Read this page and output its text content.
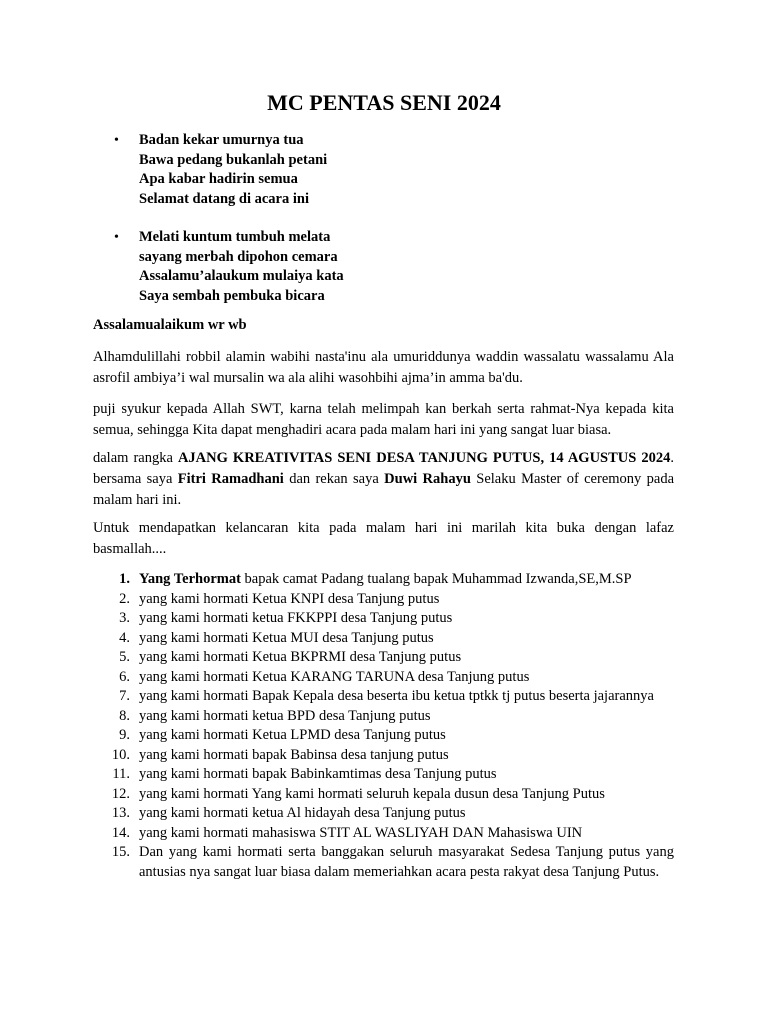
MC PENTAS SENI 2024
• Badan kekar umurnya tua
Bawa pedang bukanlah petani
Apa kabar hadirin semua
Selamat datang di acara ini
• Melati kuntum tumbuh melata
sayang merbah dipohon cemara
Assalamu’alaukum mulaiya kata
Saya sembah pembuka bicara
Assalamualaikum wr wb

Alhamdulillahi robbil alamin wabihi nasta'inu ala umuriddunya waddin wassalatu wassalamu Ala asrofil ambiya’i wal mursalin wa ala alihi wasohbihi ajma’in amma ba'du.

puji syukur kepada Allah SWT, karna telah melimpah kan berkah serta rahmat-Nya kepada kita semua, sehingga Kita dapat menghadiri acara pada malam hari ini yang sangat luar biasa.

dalam rangka AJANG KREATIVITAS SENI DESA TANJUNG PUTUS, 14 AGUSTUS 2024. bersama saya Fitri Ramadhani dan rekan saya Duwi Rahayu Selaku Master of ceremony pada malam hari ini.

Untuk mendapatkan kelancaran kita pada malam hari ini marilah kita buka dengan lafaz basmallah....

1. Yang Terhormat bapak camat Padang tualang bapak Muhammad Izwanda,SE,M.SP
2. yang kami hormati Ketua KNPI desa Tanjung putus
3. yang kami hormati ketua FKKPPI desa Tanjung putus
4. yang kami hormati Ketua MUI desa Tanjung putus
5. yang kami hormati Ketua BKPRMI desa Tanjung putus
6. yang kami hormati Ketua KARANG TARUNA desa Tanjung putus
7. yang kami hormati Bapak Kepala desa beserta ibu ketua tptkk tj putus beserta jajarannya
8. yang kami hormati ketua BPD desa Tanjung putus
9. yang kami hormati Ketua LPMD desa Tanjung putus
10. yang kami hormati bapak Babinsa desa tanjung putus
11. yang kami hormati bapak Babinkamtimas desa Tanjung putus
12. yang kami hormati Yang kami hormati seluruh kepala dusun desa Tanjung Putus
13. yang kami hormati ketua Al hidayah desa Tanjung putus
14. yang kami hormati mahasiswa STIT AL WASLIYAH DAN Mahasiswa UIN
15. Dan yang kami hormati serta banggakan seluruh masyarakat Sedesa Tanjung putus yang antusias nya sangat luar biasa dalam memeriahkan acara pesta rakyat desa Tanjung Putus.
